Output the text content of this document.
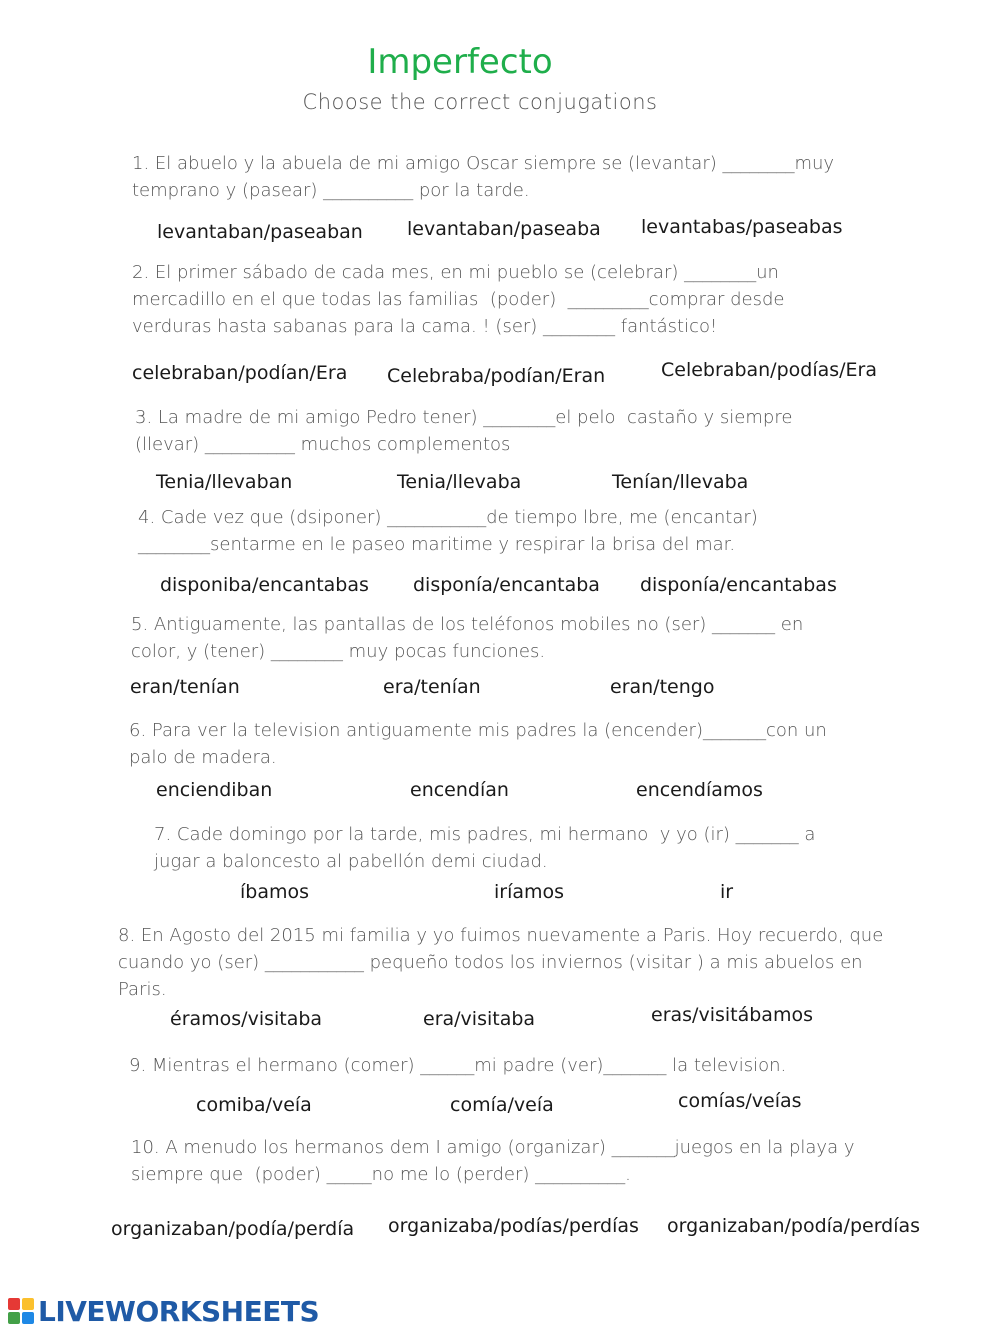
Imperfecto
Choose the correct conjugations
1. El abuelo y la abuela de mi amigo Oscar siempre se (levantar) ________muy
temprano y (pasear) __________ por la tarde.
levantaban/paseaban levantaban/paseaba levantabas/paseabas
2. El primer sábado de cada mes, en mi pueblo se (celebrar) ________un
mercadillo en el que todas las familias  (poder)  _________comprar desde
verduras hasta sabanas para la cama. ! (ser) ________ fantástico!
celebraban/podían/Era Celebraba/podían/Eran	Celebraban/podías/Era
3. La madre de mi amigo Pedro tener) ________el pelo  castaño y siempre
(llevar) __________ muchos complementos
Tenia/llevaban	Tenia/llevaba	Tenían/llevaba
4. Cade vez que (dsiponer) ___________de tiempo lbre, me (encantar)
________sentarme en le paseo maritime y respirar la brisa del mar.
disponiba/encantabas disponía/encantaba disponía/encantabas
5. Antiguamente, las pantallas de los teléfonos mobiles no (ser) _______ en
color, y (tener) ________ muy pocas funciones.
eran/tenían	era/tenían	eran/tengo
6. Para ver la television antiguamente mis padres la (encender)_______con un
palo de madera.
enciendiban	encendían	encendíamos
7. Cade domingo por la tarde, mis padres, mi hermano  y yo (ir) _______ a
jugar a baloncesto al pabellón demi ciudad.
íbamos	iríamos	ir
8. En Agosto del 2015 mi familia y yo fuimos nuevamente a Paris. Hoy recuerdo, que
cuando yo (ser) ___________ pequeño todos los inviernos (visitar ) a mis abuelos en
Paris.
éramos/visitaba	era/visitaba	eras/visitábamos
9. Mientras el hermano (comer) ______mi padre (ver)_______ la television.
comiba/veía	comía/veía	comías/veías
10. A menudo los hermanos dem I amigo (organizar) _______juegos en la playa y
siempre que  (poder) _____no me lo (perder) __________.
organizaban/podía/perdía organizaba/podías/perdías organizaban/podía/perdías
LIVEWORKSHEETS
